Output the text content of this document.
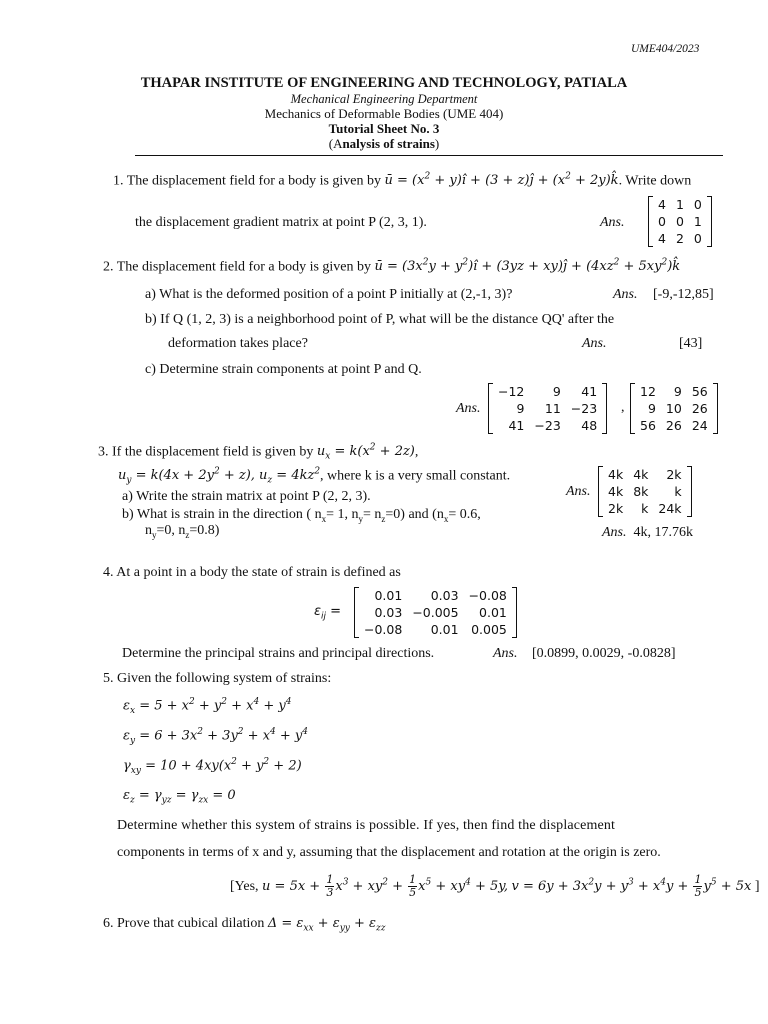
UME404/2023
THAPAR INSTITUTE OF ENGINEERING AND TECHNOLOGY, PATIALA
Mechanical Engineering Department
Mechanics of Deformable Bodies (UME 404)
Tutorial Sheet No. 3
(Analysis of strains)
1. The displacement field for a body is given by ū = ($x^2$ + y)î + (3 + z)ĵ + ($x^2$ + 2y)k̂. Write down
the displacement gradient matrix at point P (2, 3, 1).	Ans.
4	1	0
0	0	1
4	2	0
2. The displacement field for a body is given by ū = ($3x^2y$ + $y^2)î + (3yz$ + xy)ĵ + ($4xz^2$ + $5xy^2)k̂$
a) What is the deformed position of a point P initially at (2,-1, 3)?	Ans. [-9,-12,85]
b) If Q (1, 2, 3) is a neighborhood point of P, what will be the distance QQ' after the
deformation takes place?	Ans.	[43]
c) Determine strain components at point P and Q.
Ans.
−12	9	41
9	11	−23
41	−23	48
,
12	9	56
9	10	26
56	26	24
3. If the displacement field is given by $u_x = k(x^2 + 2z)$,
$u_y = k(4x + 2y^2 + z)$, $u_z = 4kz^2$, where k is a very small constant.
a) Write the strain matrix at point P (2, 2, 3).
b) What is strain in the direction ( $n_x= 1$, $n_y= n_z=0$) and ($n_x= 0.6$,
$n_y=0$, $n_z=0.8$)
Ans.
4k	4k	2k
4k	8k	k
2k	k	24k
Ans. 4k, 17.76k
4. At a point in a body the state of strain is defined as
$\varepsilon_{ij}$ =
0.01	0.03	−0.08
0.03	−0.005	0.01
−0.08	0.01	0.005
Determine the principal strains and principal directions.	Ans. [0.0899, 0.0029, -0.0828]
5. Given the following system of strains:
$\varepsilon_x = 5 + x^2 + y^2 + x^4 + y^4$
$\varepsilon_y = 6 + 3x^2 + 3y^2 + x^4 + y^4$
$\gamma_{xy} = 10 + 4xy(x^2 + y^2 + 2)$
$\varepsilon_z = \gamma_{yz} = \gamma_{zx} = 0$
Determine whether this system of strains is possible. If yes, then find the displacement
components in terms of x and y, assuming that the displacement and rotation at the origin is zero.
[Yes, $u = 5x + \frac{1}{3} x^3 + xy^2 + \frac{1}{5} x^5 + xy^4 + 5y$, $v = 6y + 3x^2y + y^3 + x^4y + \frac{1}{5} y^5 + 5x$ ]
6. Prove that cubical dilation $\Delta = \varepsilon_{xx} + \varepsilon_{yy} + \varepsilon_{zz}$
